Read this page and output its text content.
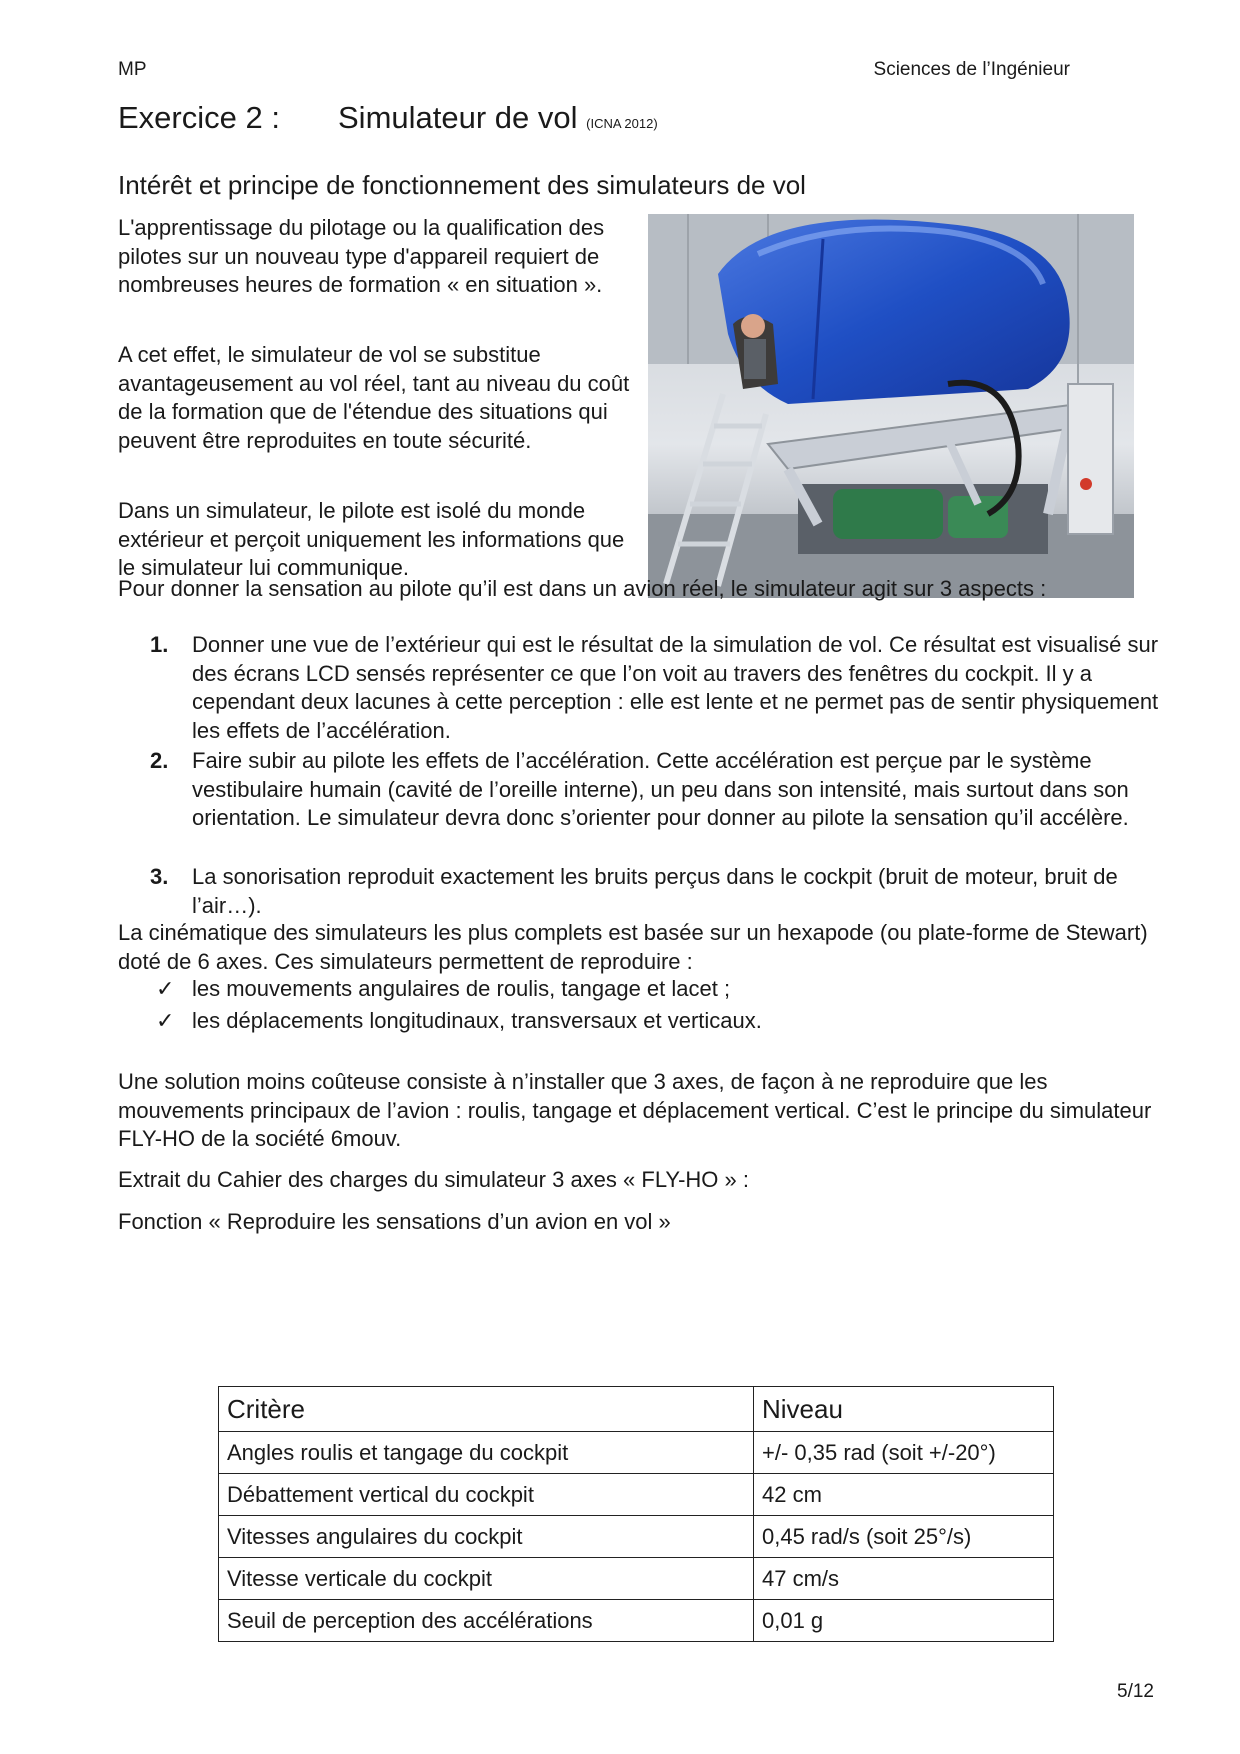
MP	Sciences de l’Ingénieur
Exercice 2 : Simulateur de vol (ICNA 2012)
Intérêt et principe de fonctionnement des simulateurs de vol
L'apprentissage du pilotage ou la qualification des pilotes sur un nouveau type d'appareil requiert de nombreuses heures de formation « en situation ».
A cet effet, le simulateur de vol se substitue avantageusement au vol réel, tant au niveau du coût de la formation que de l'étendue des situations qui peuvent être reproduites en toute sécurité.
Dans un simulateur, le pilote est isolé du monde extérieur et perçoit uniquement les informations que le simulateur lui communique.
Pour donner la sensation au pilote qu’il est dans un avion réel, le simulateur agit sur 3 aspects :
1. Donner une vue de l’extérieur qui est le résultat de la simulation de vol. Ce résultat est visualisé sur des écrans LCD sensés représenter ce que l’on voit au travers des fenêtres du cockpit. Il y a cependant deux lacunes à cette perception : elle est lente et ne permet pas de sentir physiquement les effets de l’accélération.
2. Faire subir au pilote les effets de l’accélération. Cette accélération est perçue par le système vestibulaire humain (cavité de l’oreille interne), un peu dans son intensité, mais surtout dans son orientation. Le simulateur devra donc s’orienter pour donner au pilote la sensation qu’il accélère.
3. La sonorisation reproduit exactement les bruits perçus dans le cockpit (bruit de moteur, bruit de l’air…).
La cinématique des simulateurs les plus complets est basée sur un hexapode (ou plate-forme de Stewart) doté de 6 axes. Ces simulateurs permettent de reproduire :
✓ les mouvements angulaires de roulis, tangage et lacet ;
✓ les déplacements longitudinaux, transversaux et verticaux.
Une solution moins coûteuse consiste à n’installer que 3 axes, de façon à ne reproduire que les mouvements principaux de l’avion : roulis, tangage et déplacement vertical. C’est le principe du simulateur FLY-HO de la société 6mouv.
Extrait du Cahier des charges du simulateur 3 axes « FLY-HO » :
Fonction « Reproduire les sensations d’un avion en vol »
Critère	Niveau
Angles roulis et tangage du cockpit	+/- 0,35 rad (soit +/-20°)
Débattement vertical du cockpit	42 cm
Vitesses angulaires du cockpit	0,45 rad/s (soit 25°/s)
Vitesse verticale du cockpit	47 cm/s
Seuil de perception des accélérations	0,01 g
5/12
